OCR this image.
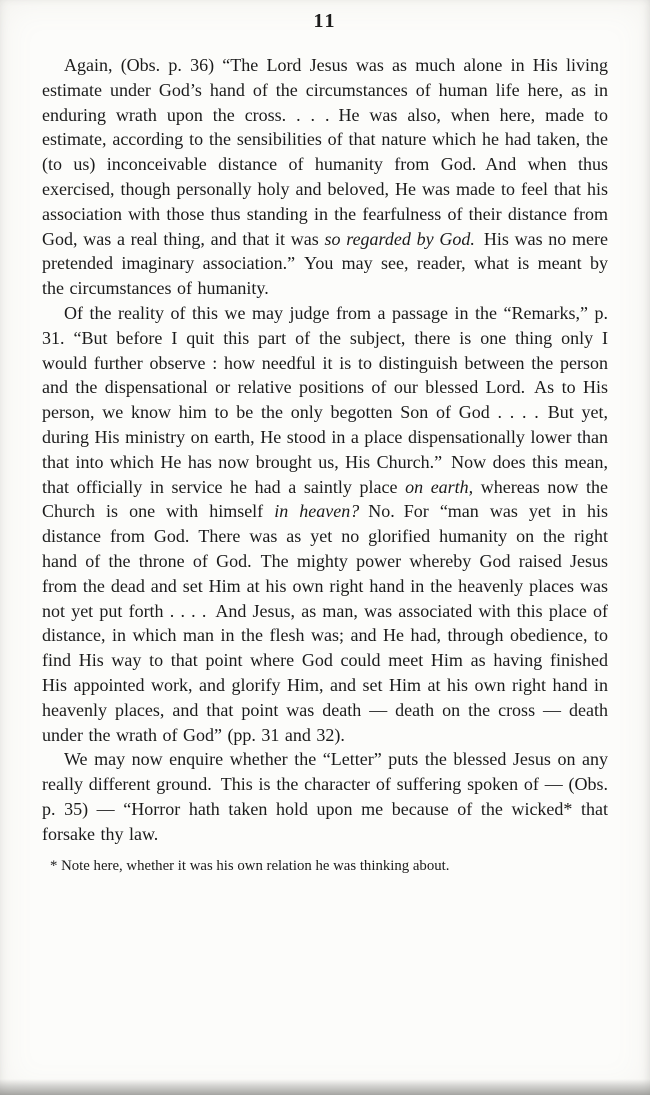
11

Again, (Obs. p. 36) “The Lord Jesus was as much alone in His living estimate under God’s hand of the circumstances of human life here, as in enduring wrath upon the cross. . . . He was also, when here, made to estimate, according to the sensibilities of that nature which he had taken, the (to us) inconceivable distance of humanity from God. And when thus exercised, though personally holy and beloved, He was made to feel that his association with those thus standing in the fearfulness of their distance from God, was a real thing, and that it was so regarded by God. His was no mere pretended imaginary association.” You may see, reader, what is meant by the circumstances of humanity.

Of the reality of this we may judge from a passage in the “Remarks,” p. 31. “But before I quit this part of the subject, there is one thing only I would further observe : how needful it is to distinguish between the person and the dispensational or relative positions of our blessed Lord. As to His person, we know him to be the only begotten Son of God . . . . But yet, during His ministry on earth, He stood in a place dispensationally lower than that into which He has now brought us, His Church.” Now does this mean, that officially in service he had a saintly place on earth, whereas now the Church is one with himself in heaven? No. For “man was yet in his distance from God. There was as yet no glorified humanity on the right hand of the throne of God. The mighty power whereby God raised Jesus from the dead and set Him at his own right hand in the heavenly places was not yet put forth . . . . And Jesus, as man, was associated with this place of distance, in which man in the flesh was; and He had, through obedience, to find His way to that point where God could meet Him as having finished His appointed work, and glorify Him, and set Him at his own right hand in heavenly places, and that point was death — death on the cross — death under the wrath of God” (pp. 31 and 32).

We may now enquire whether the “Letter” puts the blessed Jesus on any really different ground. This is the character of suffering spoken of — (Obs. p. 35) — “Horror hath taken hold upon me because of the wicked* that forsake thy law.

* Note here, whether it was his own relation he was thinking about.
